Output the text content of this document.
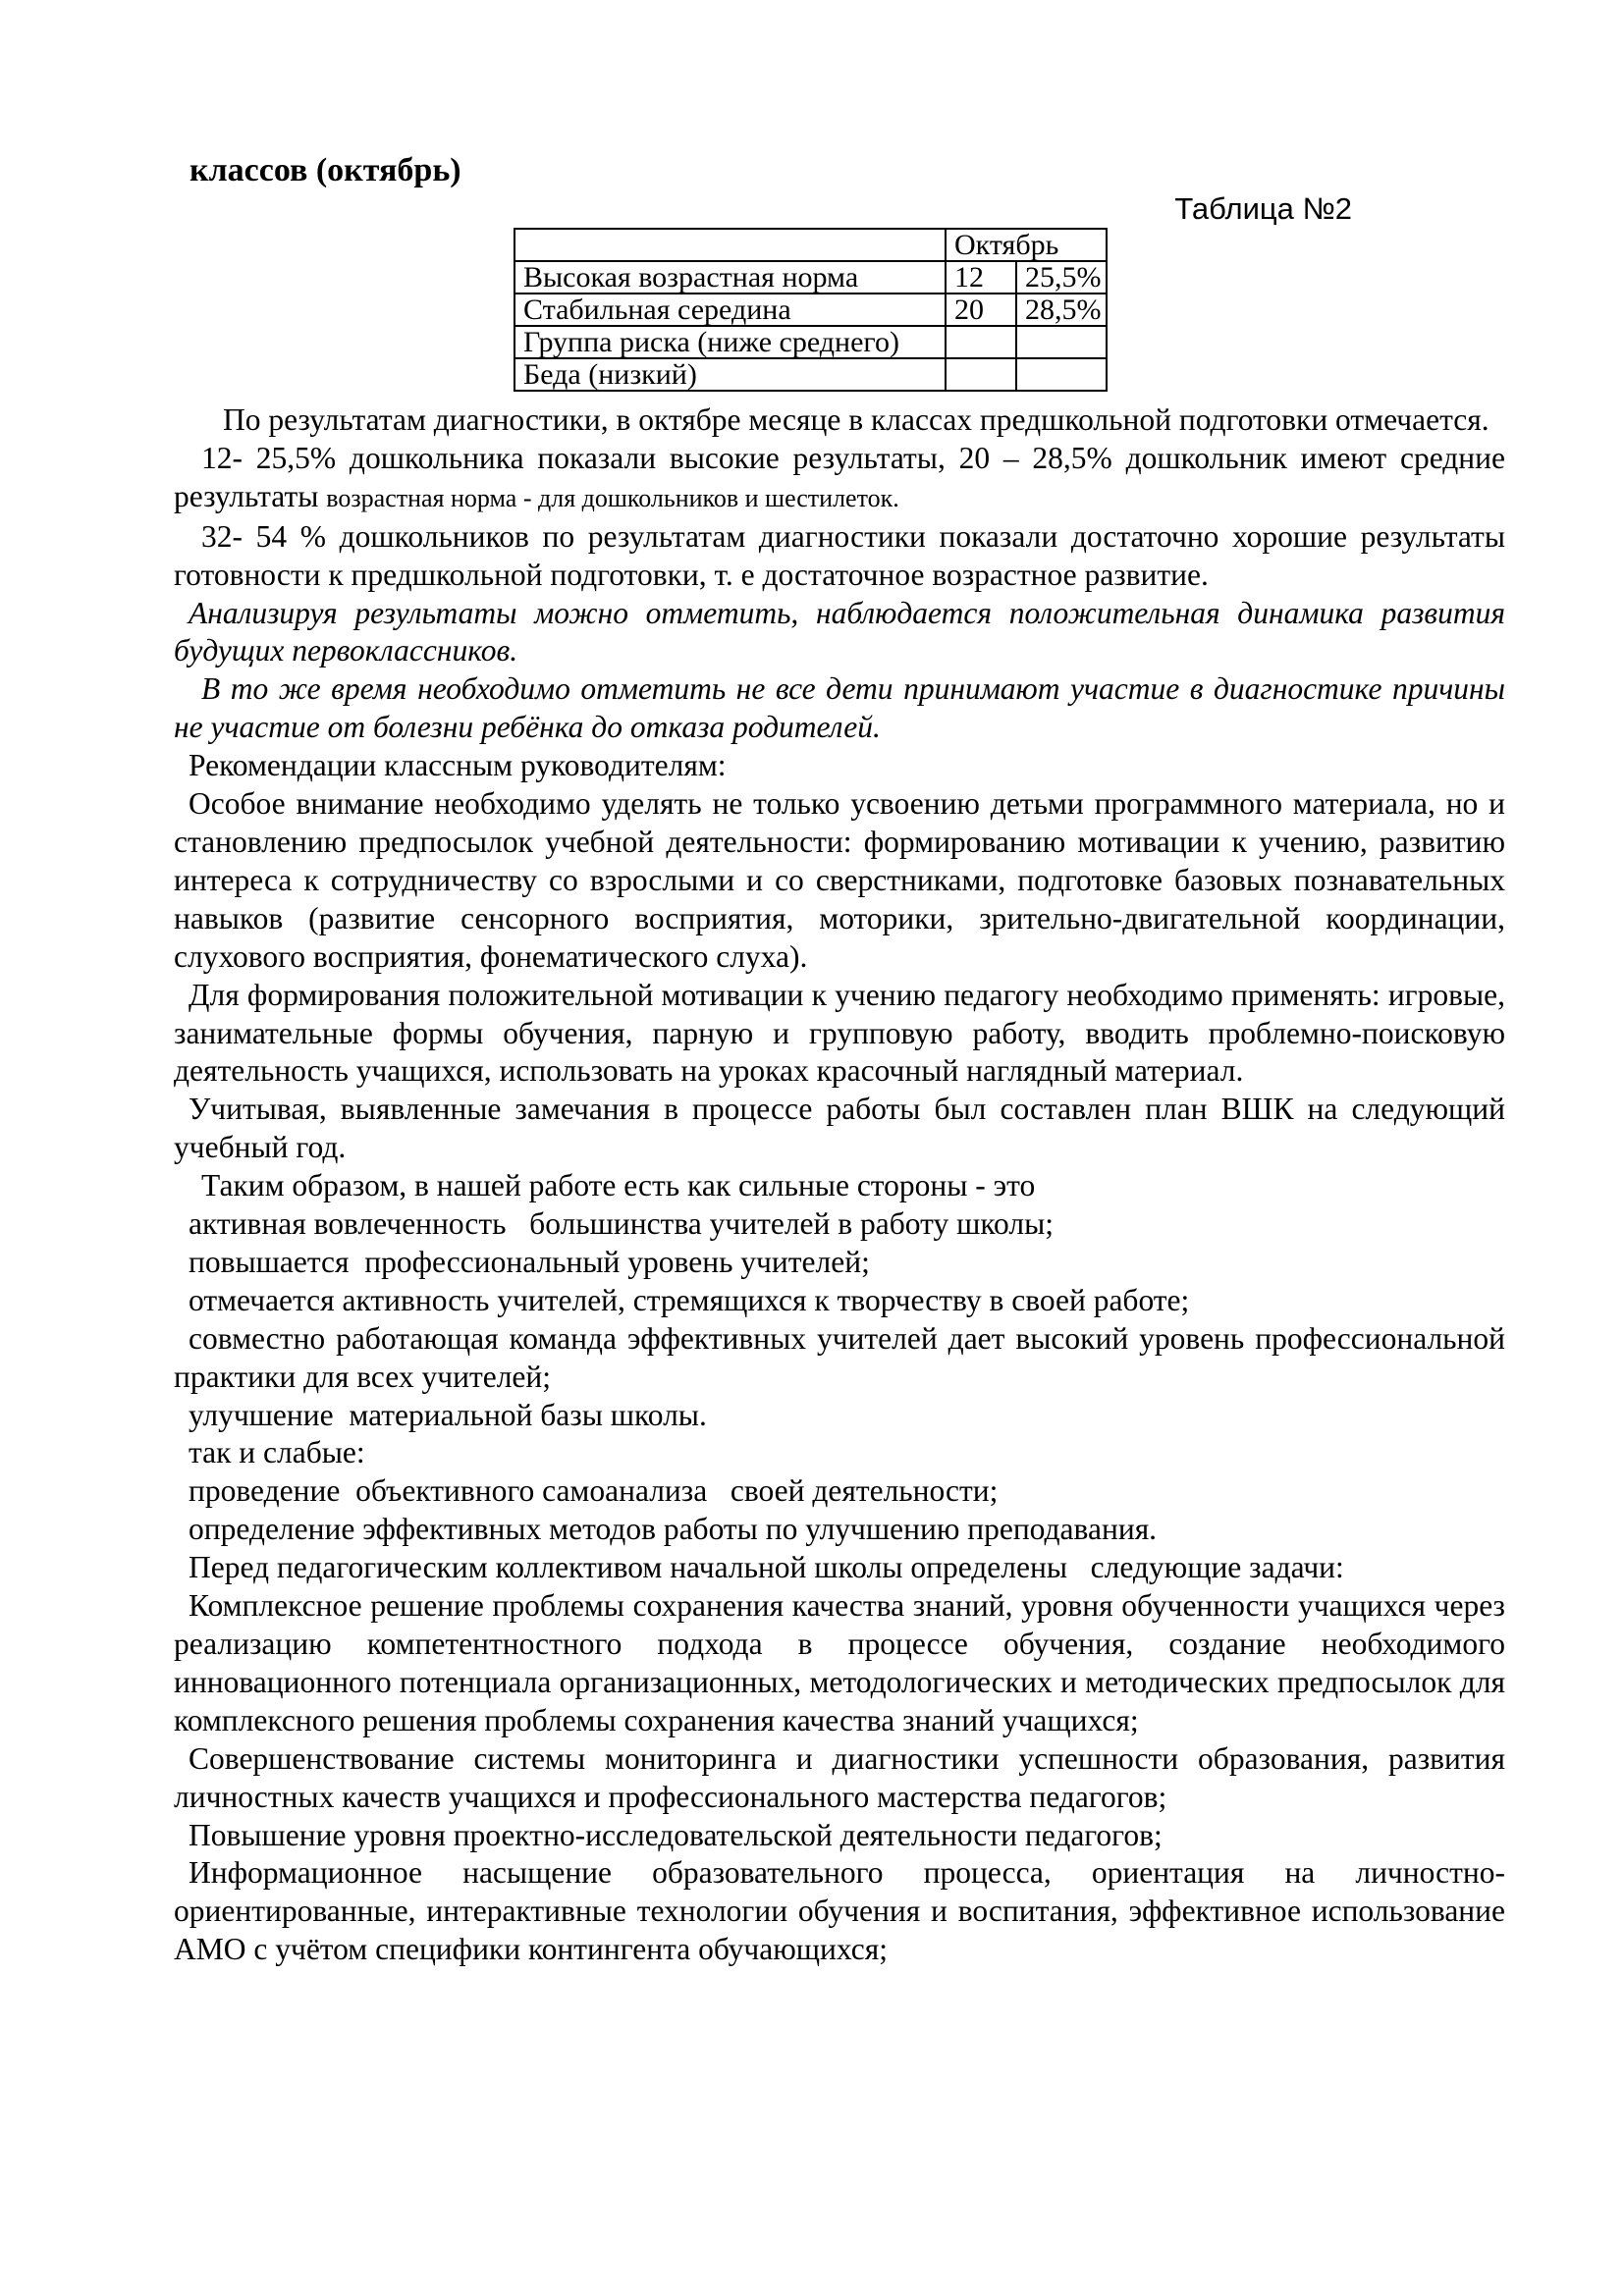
классов (октябрь)
Таблица №2
	Октябрь	
Высокая возрастная норма	12	25,5%
Стабильная середина	20	28,5%
Группа риска (ниже среднего)		
Беда (низкий)		

По результатам диагностики, в октябре месяце в классах предшкольной подготовки отмечается.

12- 25,5% дошкольника показали высокие результаты, 20 – 28,5% дошкольник имеют средние результаты возрастная норма - для дошкольников и шестилеток.

32- 54 % дошкольников по результатам диагностики показали достаточно хорошие результаты готовности к предшкольной подготовки, т. е достаточное возрастное развитие.

Анализируя результаты можно отметить, наблюдается положительная динамика развития будущих первоклассников.

В то же время необходимо отметить не все дети принимают участие в диагностике причины не участие от болезни ребёнка до отказа родителей.

Рекомендации классным руководителям:

Особое внимание необходимо уделять не только усвоению детьми программного материала, но и становлению предпосылок учебной деятельности: формированию мотивации к учению, развитию интереса к сотрудничеству со взрослыми и со сверстниками, подготовке базовых познавательных навыков (развитие сенсорного восприятия, моторики, зрительно-двигательной координации, слухового восприятия, фонематического слуха).

Для формирования положительной мотивации к учению педагогу необходимо применять: игровые, занимательные формы обучения, парную и групповую работу, вводить проблемно-поисковую деятельность учащихся, использовать на уроках красочный наглядный материал.

Учитывая, выявленные замечания в процессе работы был составлен план ВШК на следующий учебный год.

Таким образом, в нашей работе есть как сильные стороны - это

активная вовлеченность   большинства учителей в работу школы;

повышается  профессиональный уровень учителей;

отмечается активность учителей, стремящихся к творчеству в своей работе;

совместно работающая команда эффективных учителей дает высокий уровень профессиональной практики для всех учителей;

улучшение  материальной базы школы.

так и слабые:

проведение  объективного самоанализа   своей деятельности;

определение эффективных методов работы по улучшению преподавания.

Перед педагогическим коллективом начальной школы определены   следующие задачи:

Комплексное решение проблемы сохранения качества знаний, уровня обученности учащихся через реализацию компетентностного подхода в процессе обучения, создание необходимого инновационного потенциала организационных, методологических и методических предпосылок для комплексного решения проблемы сохранения качества знаний учащихся;

Совершенствование системы мониторинга и диагностики успешности образования, развития личностных качеств учащихся и профессионального мастерства педагогов;

Повышение уровня проектно-исследовательской деятельности педагогов;

Информационное насыщение образовательного процесса, ориентация на личностно-ориентированные, интерактивные технологии обучения и воспитания, эффективное использование АМО с учётом специфики контингента обучающихся;
